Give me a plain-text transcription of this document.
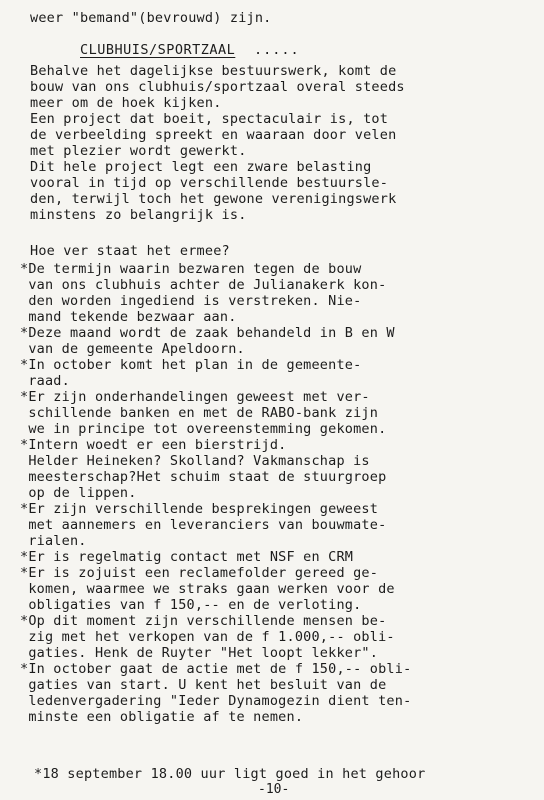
weer "bemand"(bevrouwd) zijn.
CLUBHUIS/SPORTZAAL .....
Behalve het dagelijkse bestuurswerk, komt de
bouw van ons clubhuis/sportzaal overal steeds
meer om de hoek kijken.
Een project dat boeit, spectaculair is, tot
de verbeelding spreekt en waaraan door velen
met plezier wordt gewerkt.
Dit hele project legt een zware belasting
vooral in tijd op verschillende bestuursle-
den, terwijl toch het gewone verenigingswerk
minstens zo belangrijk is.
Hoe ver staat het ermee?
*De termijn waarin bezwaren tegen de bouw
van ons clubhuis achter de Julianakerk kon-
den worden ingediend is verstreken. Nie-
mand tekende bezwaar aan.
*Deze maand wordt de zaak behandeld in B en W
van de gemeente Apeldoorn.
*In october komt het plan in de gemeente-
raad.
*Er zijn onderhandelingen geweest met ver-
schillende banken en met de RABO-bank zijn
we in principe tot overeenstemming gekomen.
*Intern woedt er een bierstrijd.
Helder Heineken? Skolland? Vakmanschap is
meesterschap?Het schuim staat de stuurgroep
op de lippen.
*Er zijn verschillende besprekingen geweest
met aannemers en leveranciers van bouwmate-
rialen.
*Er is regelmatig contact met NSF en CRM
*Er is zojuist een reclamefolder gereed ge-
komen, waarmee we straks gaan werken voor de
obligaties van f 150,-- en de verloting.
*Op dit moment zijn verschillende mensen be-
zig met het verkopen van de f 1.000,-- obli-
gaties. Henk de Ruyter "Het loopt lekker".
*In october gaat de actie met de f 150,-- obli-
gaties van start. U kent het besluit van de
ledenvergadering "Ieder Dynamogezin dient ten-
minste een obligatie af te nemen.
*18 september 18.00 uur ligt goed in het gehoor
-10-
